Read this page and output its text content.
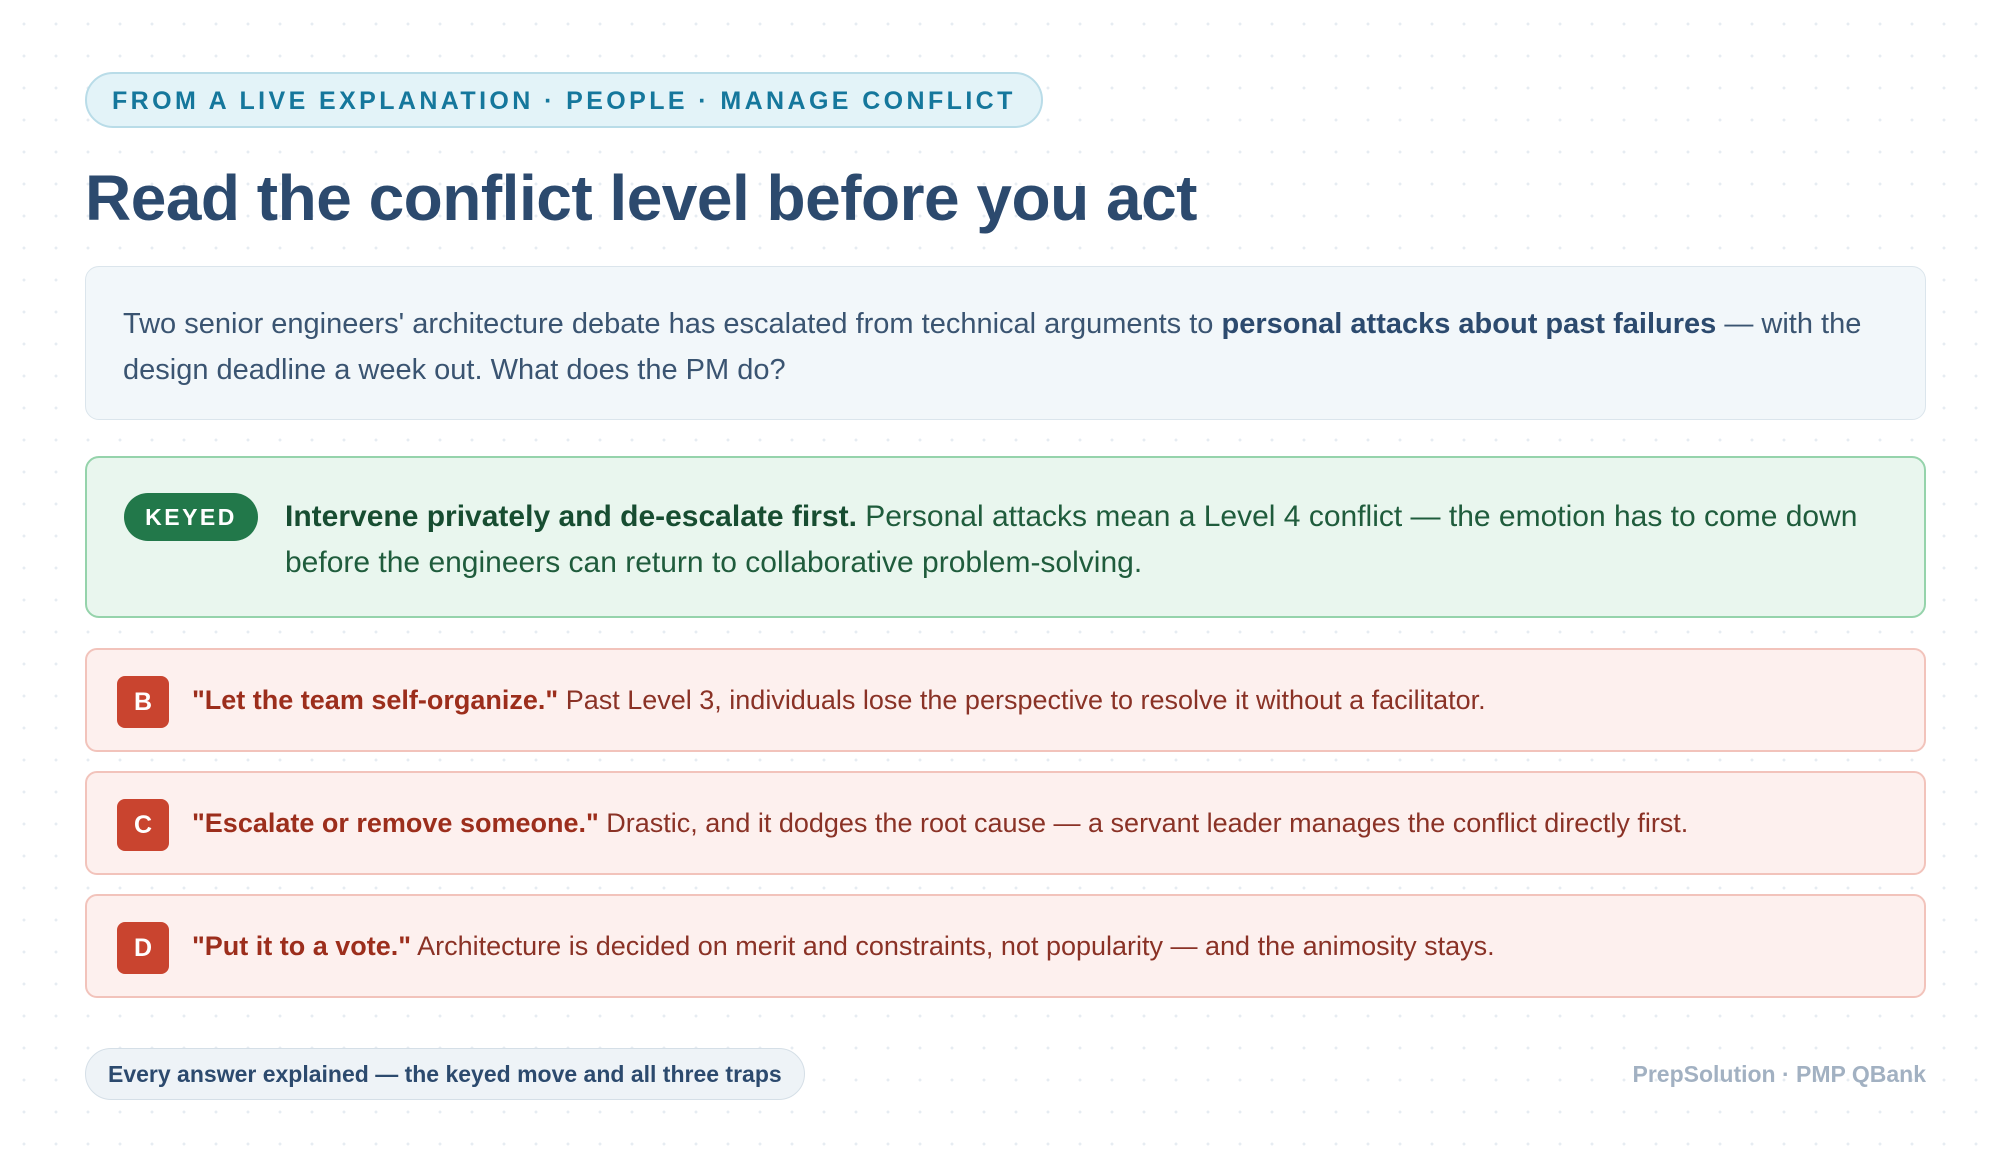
FROM A LIVE EXPLANATION · PEOPLE · MANAGE CONFLICT
Read the conflict level before you act
Two senior engineers' architecture debate has escalated from technical arguments to personal attacks about past failures — with the design deadline a week out. What does the PM do?
KEYED	Intervene privately and de-escalate first. Personal attacks mean a Level 4 conflict — the emotion has to come down before the engineers can return to collaborative problem-solving.
B	"Let the team self-organize." Past Level 3, individuals lose the perspective to resolve it without a facilitator.
C	"Escalate or remove someone." Drastic, and it dodges the root cause — a servant leader manages the conflict directly first.
D	"Put it to a vote." Architecture is decided on merit and constraints, not popularity — and the animosity stays.
Every answer explained — the keyed move and all three traps	PrepSolution · PMP QBank
